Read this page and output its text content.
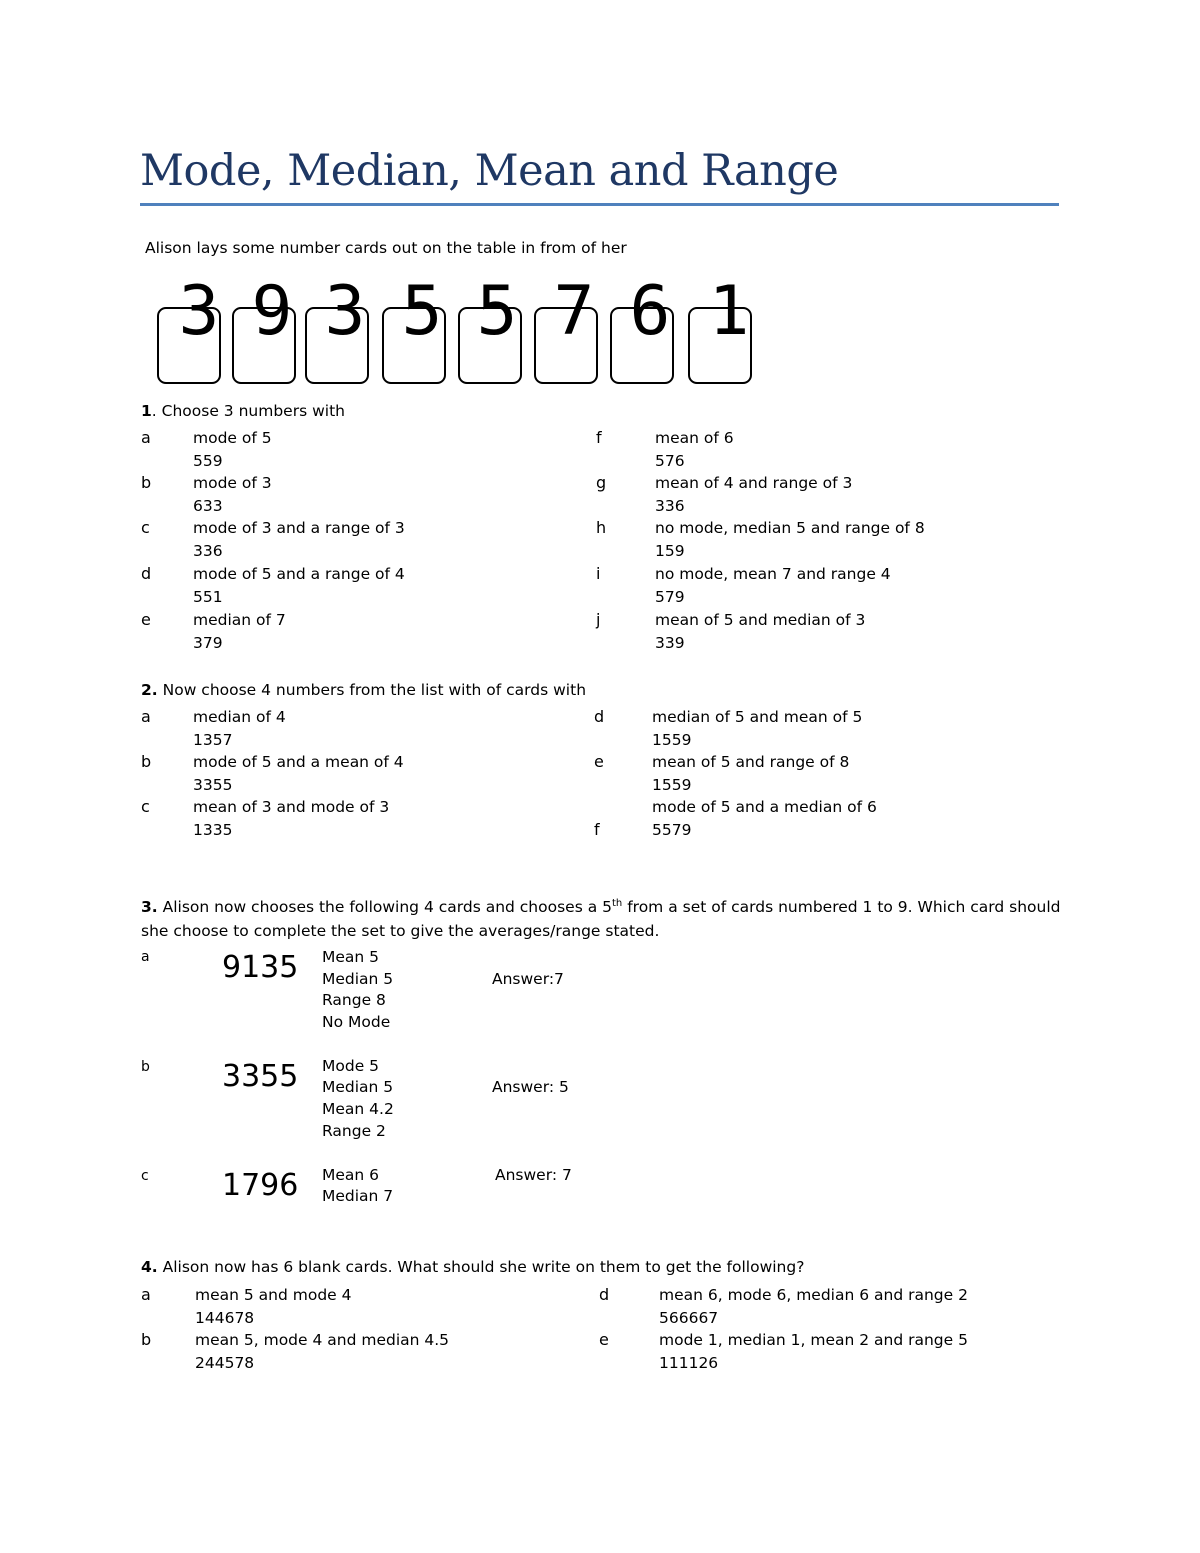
Mode, Median, Mean and Range
Alison lays some number cards out on the table in from of her
3 9 3 5 5 7 6 1
1. Choose 3 numbers with
a	mode of 5
559
b	mode of 3
633
c	mode of 3 and a range of 3
336
d	mode of 5 and a range of 4
551
e	median of 7
379
f	mean of 6
576
g	mean of 4 and range of 3
336
h	no mode, median 5 and range of 8
159
i	no mode, mean 7 and range 4
579
j	mean of 5 and median of 3
339
2. Now choose 4 numbers from the list with of cards with
a	median of 4
1357
b	mode of 5 and a mean of 4
3355
c	mean of 3 and mode of 3
1335
d	median of 5 and mean of 5
1559
e	mean of 5 and range of 8
1559
mode of 5 and a median of 6
f	5579
3. Alison now chooses the following 4 cards and chooses a 5th from a set of cards numbered 1 to 9. Which card should
she choose to complete the set to give the averages/range stated.
a 9135 Mean 5
Median 5
Range 8
No Mode
Answer:7
b 3355 Mode 5
Median 5
Mean 4.2
Range 2
Answer: 5
c 1796 Mean 6
Median 7
Answer: 7
4. Alison now has 6 blank cards. What should she write on them to get the following?
a	mean 5 and mode 4
144678
b	mean 5, mode 4 and median 4.5
244578
d	mean 6, mode 6, median 6 and range 2
566667
e	mode 1, median 1, mean 2 and range 5
111126
